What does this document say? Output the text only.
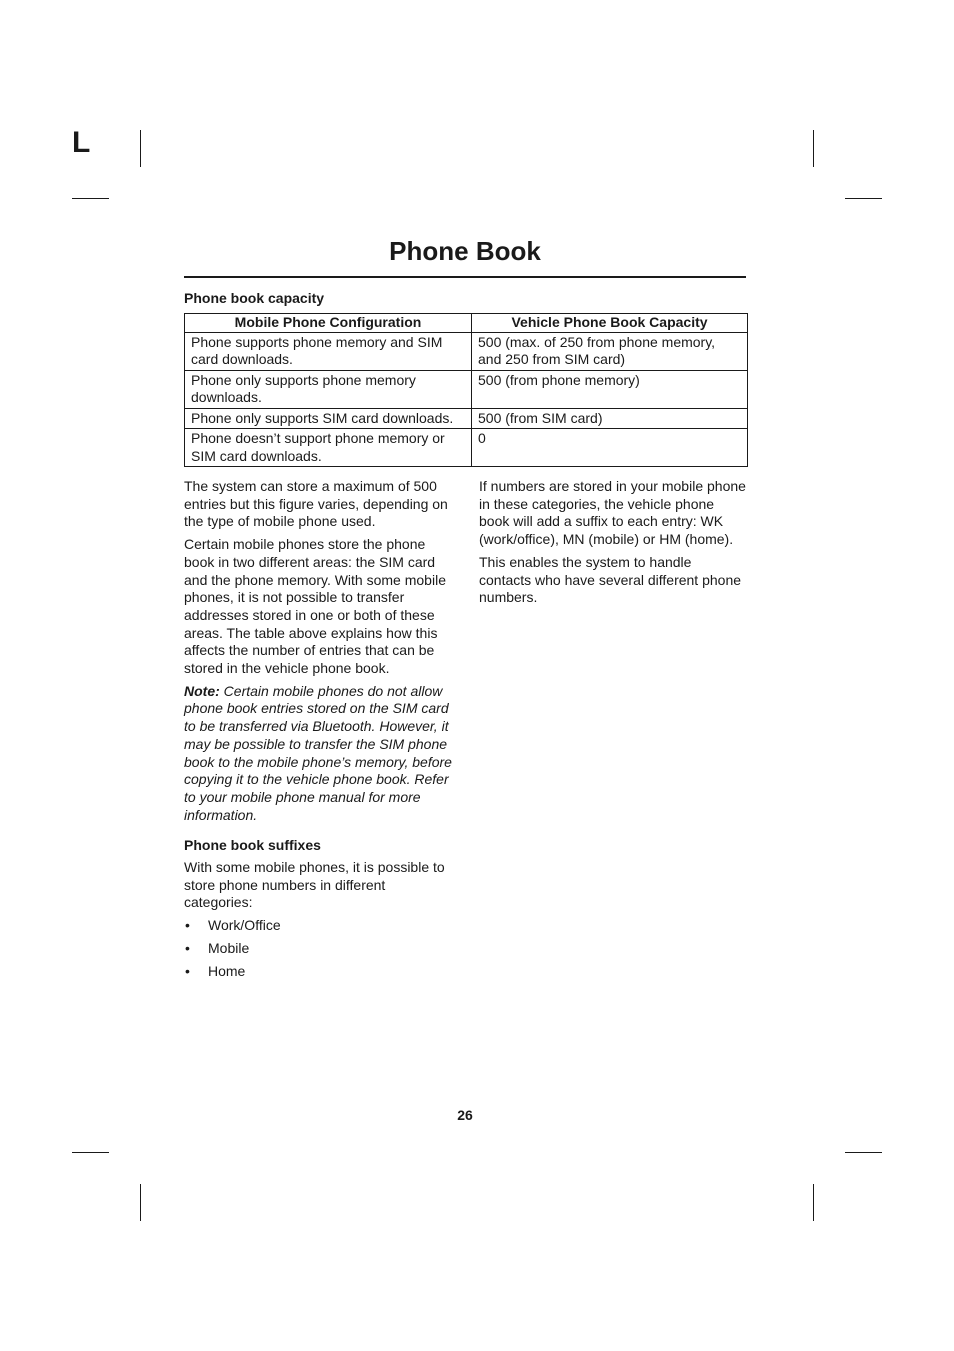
L
Phone Book
Phone book capacity
Mobile Phone Configuration	Vehicle Phone Book Capacity
Phone supports phone memory and SIM card downloads.	500 (max. of 250 from phone memory, and 250 from SIM card)
Phone only supports phone memory downloads.	500 (from phone memory)
Phone only supports SIM card downloads.	500 (from SIM card)
Phone doesn’t support phone memory or SIM card downloads.	0

The system can store a maximum of 500 entries but this figure varies, depending on the type of mobile phone used.

Certain mobile phones store the phone book in two different areas: the SIM card and the phone memory. With some mobile phones, it is not possible to transfer addresses stored in one or both of these areas. The table above explains how this affects the number of entries that can be stored in the vehicle phone book.

Note: Certain mobile phones do not allow phone book entries stored on the SIM card to be transferred via Bluetooth. However, it may be possible to transfer the SIM phone book to the mobile phone’s memory, before copying it to the vehicle phone book. Refer to your mobile phone manual for more information.

Phone book suffixes

With some mobile phones, it is possible to store phone numbers in different categories:

• Work/Office
• Mobile
• Home

If numbers are stored in your mobile phone in these categories, the vehicle phone book will add a suffix to each entry: WK (work/office), MN (mobile) or HM (home).

This enables the system to handle contacts who have several different phone numbers.

26
